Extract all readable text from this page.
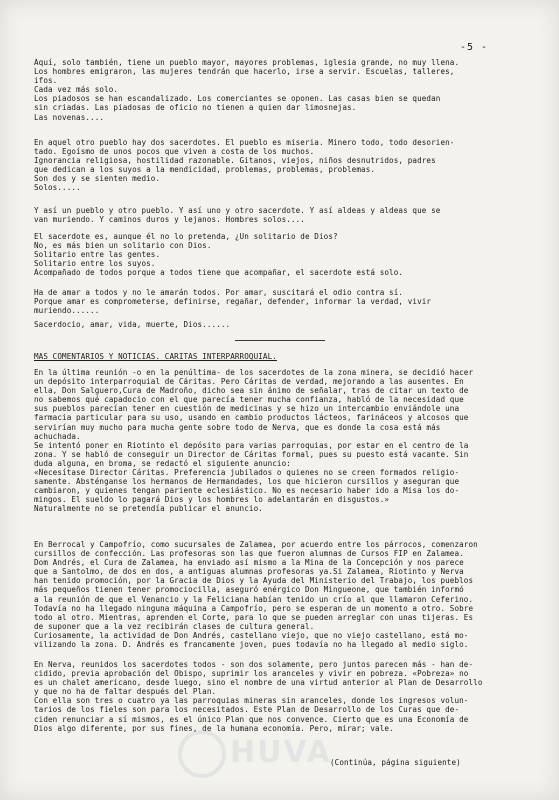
-5 -
Aquí, solo también, tiene un pueblo mayor, mayores problemas, iglesia grande, no muy llena.
Los hombres emigraron, las mujeres tendrán que hacerlo, irse a servir. Escuelas, talleres,
ifos.
Cada vez más solo.
Los piadosos se han escandalizado. Los comerciantes se oponen. Las casas bien se quedan
sin criadas. Las piadosas de oficio no tienen a quien dar limosnejas.
Las novenas....
En aquel otro pueblo hay dos sacerdotes. El pueblo es miseria. Minero todo, todo desorien-
tado. Egoísmo de unos pocos que viven a costa de los muchos.
Ignorancia religiosa, hostilidad razonable. Gitanos, viejos, niños desnutridos, padres
que dedican a los suyos a la mendicidad, problemas, problemas, problemas.
Son dos y se sienten medio.
Solos.....
Y así un pueblo y otro pueblo. Y así uno y otro sacerdote. Y así aldeas y aldeas que se
van muriendo. Y caminos duros y lejanos. Hombres solos....
El sacerdote es, aunque él no lo pretenda, ¿Un solitario de Dios?
No, es más bien un solitario con Dios.
Solitario entre las gentes.
Solitario entre los suyos.
Acompañado de todos porque a todos tiene que acompañar, el sacerdote está solo.
Ha de amar a todos y no le amarán todos. Por amar, suscitará el odio contra sí.
Porque amar es comprometerse, definirse, regañar, defender, informar la verdad, vivir
muriendo......
Sacerdocio, amar, vida, muerte, Dios......
MAS COMENTARIOS Y NOTICIAS. CARITAS INTERPARROQUIAL.
En la última reunión -o en la penúltima- de los sacerdotes de la zona minera, se decidió hacer
un depósito interparroquial de Cáritas. Pero Cáritas de verdad, mejorando a las ausentes. En
ella, Don Salguero,Cura de Madroño, dicho sea sin ánimo de señalar, tras de citar un texto de
no sabemos qué capadocio con el que parecía tener mucha confianza, habló de la necesidad que
sus pueblos parecían tener en cuestión de medicinas y se hizo un intercambio enviándole una
farmacia particular para su uso, usando en cambio productos lácteos, farináceos y alcosos que
servirían muy mucho para mucha gente sobre todo de Nerva, que es donde la cosa está más
achuchada.
Se intentó poner en Riotinto el depósito para varias parroquias, por estar en el centro de la
zona. Y se habló de conseguir un Director de Cáritas formal, pues su puesto está vacante. Sin
duda alguna, en broma, se redactó el siguiente anuncio:
«Necesítase Director Cáritas. Preferencia jubilados o quienes no se creen formados religio-
samente. Absténganse los hermanos de Hermandades, los que hicieron cursillos y aseguran que
cambiaron, y quienes tengan pariente eclesiástico. No es necesario haber ido a Misa los do-
mingos. El sueldo lo pagará Dios y los hombres lo adelantarán en disgustos.»
Naturalmente no se pretendía publicar el anuncio.
En Berrocal y Campofrío, como sucursales de Zalamea, por acuerdo entre los párrocos, comenzaron
cursillos de confección. Las profesoras son las que fueron alumnas de Cursos FIP en Zalamea.
Dom Andrés, el Cura de Zalamea, ha enviado así mismo a la Mina de la Concepción y nos parece
que a Santolmo, de dos en dos, a antiguas alumnas profesoras ya.Si Zalamea, Riotinto y Nerva
han tenido promoción, por la Gracia de Dios y la Ayuda del Ministerio del Trabajo, los pueblos
más pequeños tienen tener promociocilla, aseguró enérgico Don Mingueone, que también informó
a la reunión de que el Venancio y la Feliciana habían tenido un crío al que llamaron Ceferino.
Todavía no ha llegado ninguna máquina a Campofrío, pero se esperan de un momento a otro. Sobre
todo al otro. Mientras, aprenden el Corte, para lo que se pueden arreglar con unas tijeras. Es
de suponer que a la vez recibirán clases de cultura general.
Curiosamente, la actividad de Don Andrés, castellano viejo, que no viejo castellano, está mo-
vilizando la zona. D. Andrés es francamente joven, pues todavía no ha llegado al medio siglo.
En Nerva, reunidos los sacerdotes todos - son dos solamente, pero juntos parecen más - han de-
cidido, previa aprobación del Obispo, suprimir los aranceles y vivir en pobreza. «Pobreza» no
es un chalet americano, desde luego, sino el nombre de una virtud anterior al Plan de Desarrollo
y que no ha de faltar después del Plan.
Con ella son tres o cuatro ya las parroquias mineras sin aranceles, donde los ingresos volun-
tarios de los fieles son para los necesitados. Este Plan de Desarrollo de los Curas que de-
ciden renunciar a sí mismos, es el único Plan que nos convence. Cierto que es una Economía de
Dios algo diferente, por sus fines, de la humana economía. Pero, mirar; vale.
(Continúa, página siguiente)
HUVA
